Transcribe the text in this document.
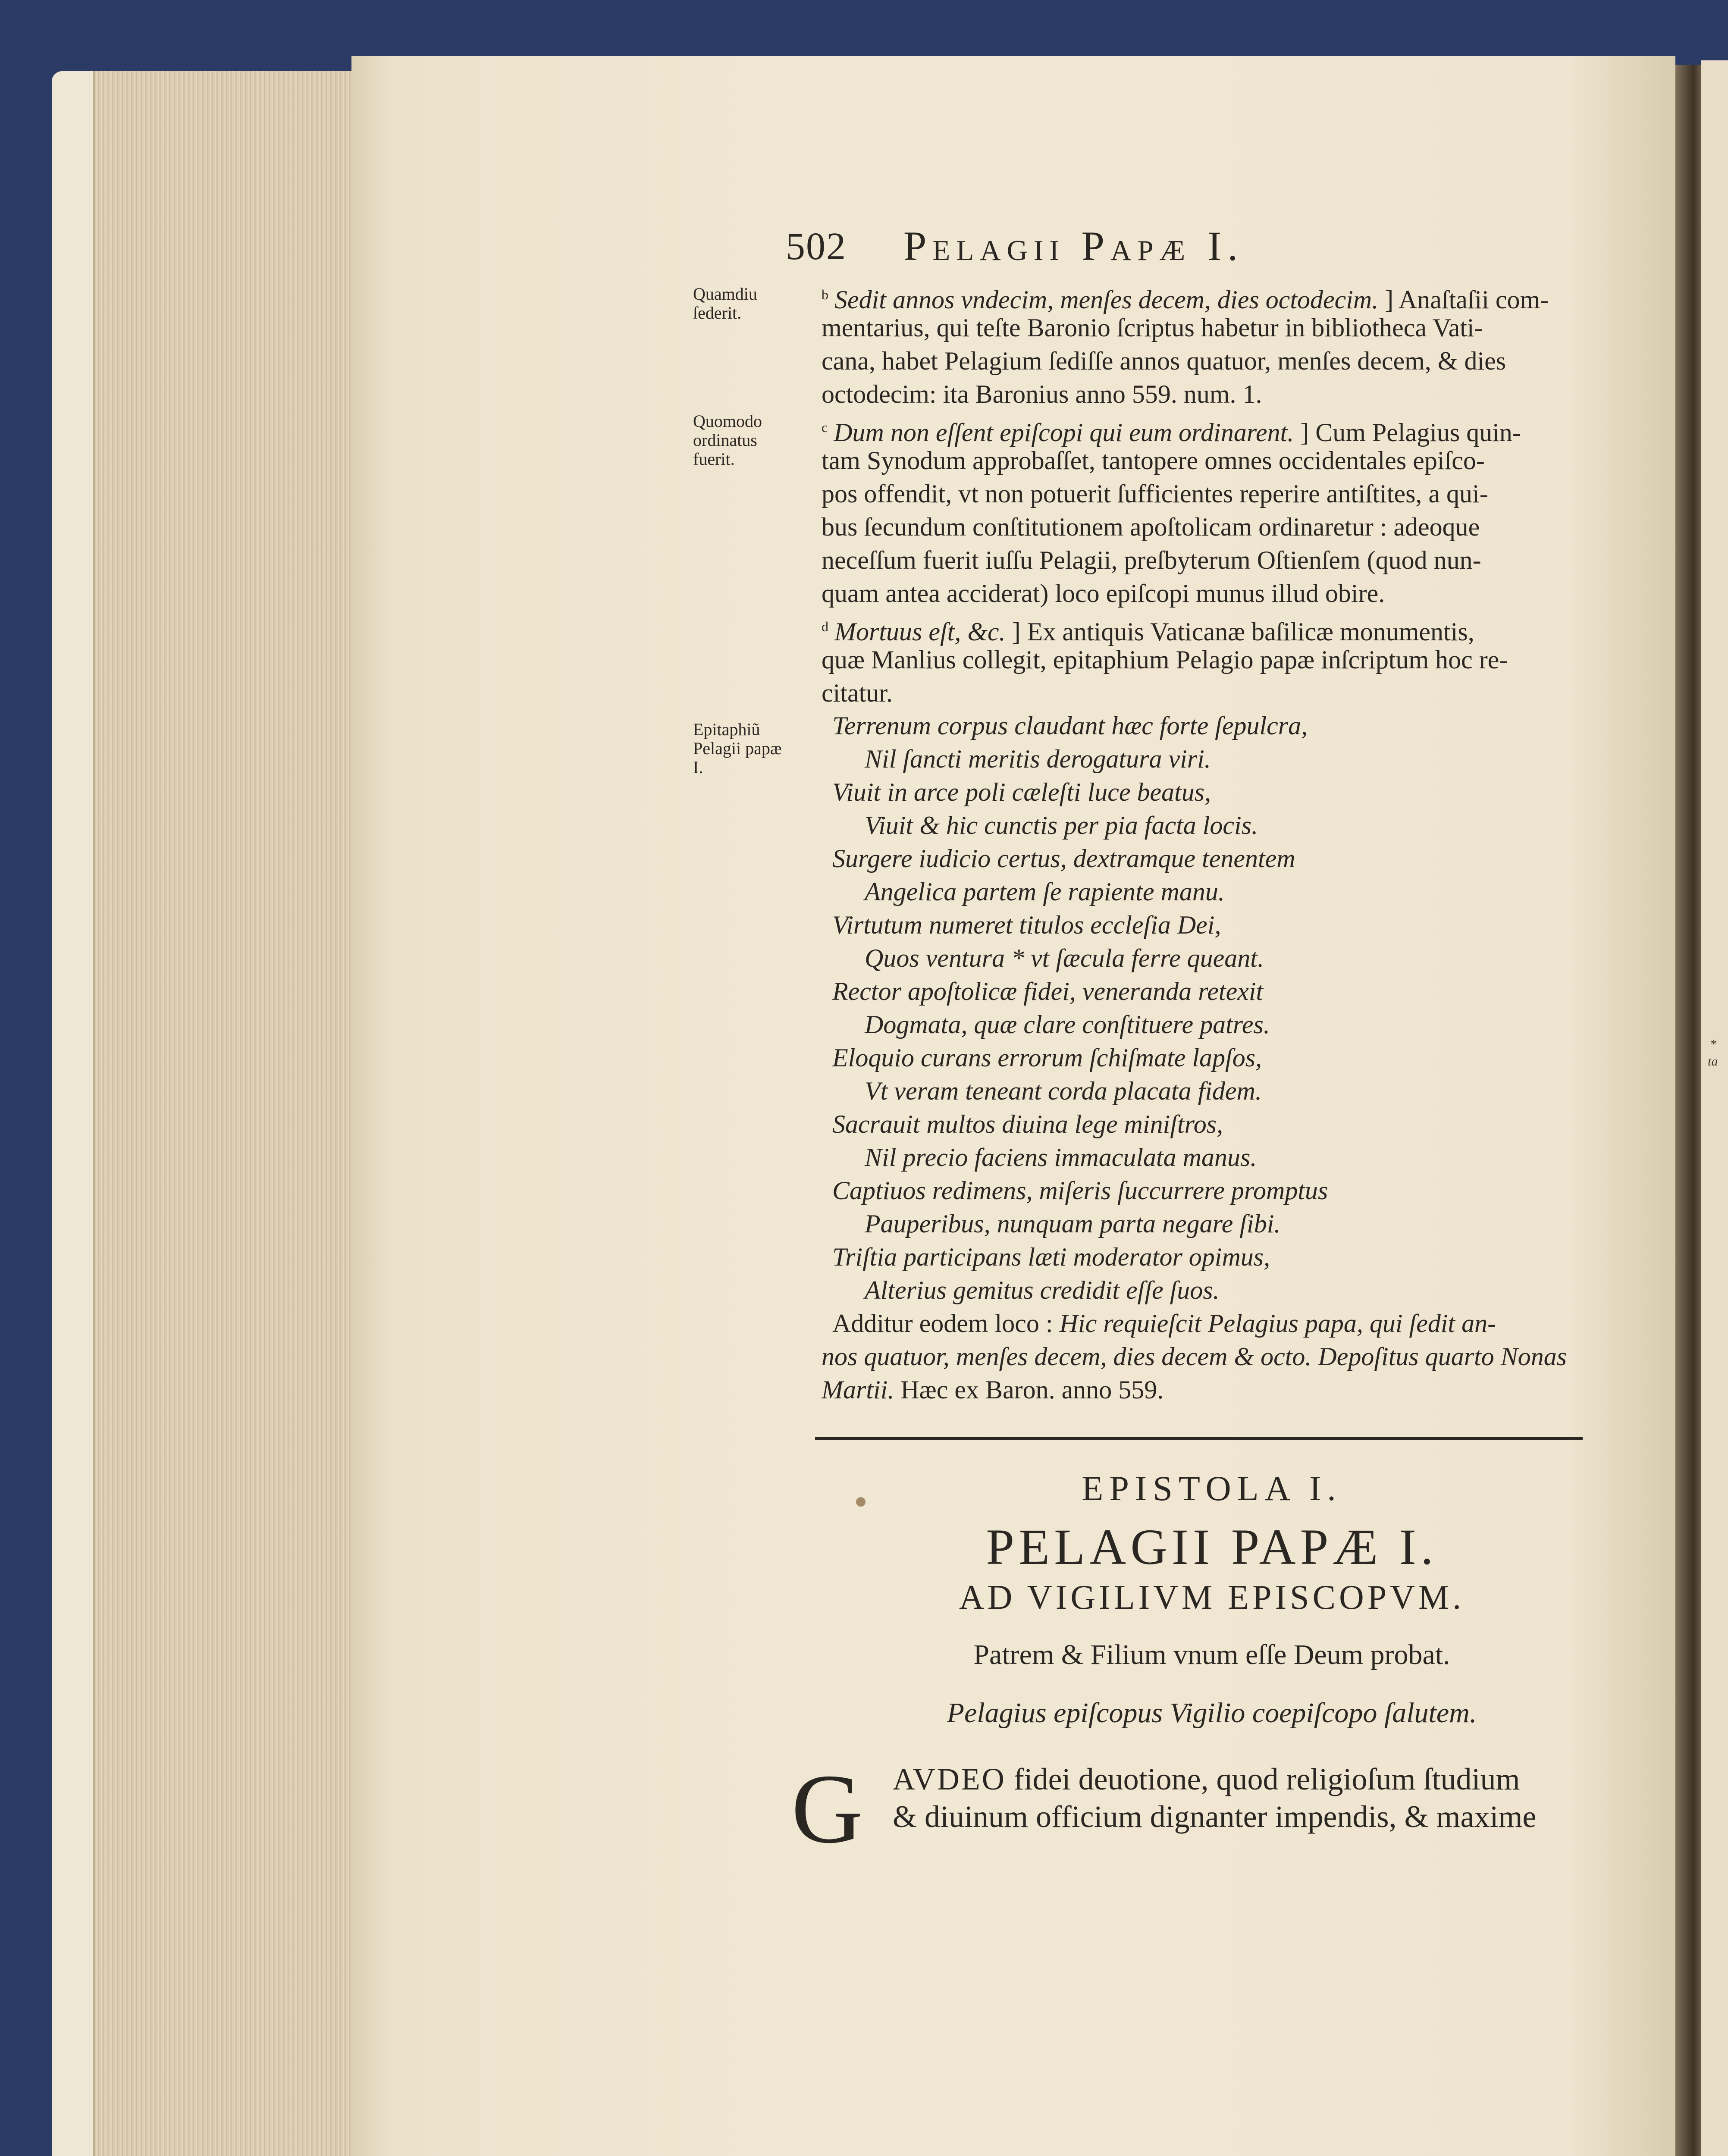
*
ta
502 Pelagii Papæ I.
Quamdiu ſederit.
Quomodo ordinatus fuerit.
Epitaphiũ Pelagii papæ I.
$^b$ Sedit annos vndecim, menſes decem, dies octodecim. ] Anaſtaſii com-
mentarius, qui teſte Baronio ſcriptus habetur in bibliotheca Vati-
cana, habet Pelagium ſediſſe annos quatuor, menſes decem, & dies
octodecim: ita Baronius anno 559. num. 1.
$^c$ Dum non eſſent epiſcopi qui eum ordinarent. ] Cum Pelagius quin-
tam Synodum approbaſſet, tantopere omnes occidentales epiſco-
pos offendit, vt non potuerit ſufficientes reperire antiſtites, a qui-
bus ſecundum conſtitutionem apoſtolicam ordinaretur : adeoque
neceſſum fuerit iuſſu Pelagii, preſbyterum Oſtienſem (quod nun-
quam antea acciderat) loco epiſcopi munus illud obire.
$^d$ Mortuus eſt, &c. ] Ex antiquis Vaticanæ baſilicæ monumentis,
quæ Manlius collegit, epitaphium Pelagio papæ inſcriptum hoc re-
citatur.
Terrenum corpus claudant hæc forte ſepulcra,
Nil ſancti meritis derogatura viri.
Viuit in arce poli cæleſti luce beatus,
Viuit & hic cunctis per pia facta locis.
Surgere iudicio certus, dextramque tenentem
Angelica partem ſe rapiente manu.
Virtutum numeret titulos eccleſia Dei,
Quos ventura * vt ſæcula ferre queant.
Rector apoſtolicæ fidei, veneranda retexit
Dogmata, quæ clare conſtituere patres.
Eloquio curans errorum ſchiſmate lapſos,
Vt veram teneant corda placata fidem.
Sacrauit multos diuina lege miniſtros,
Nil precio faciens immaculata manus.
Captiuos redimens, miſeris ſuccurrere promptus
Pauperibus, nunquam parta negare ſibi.
Triſtia participans læti moderator opimus,
Alterius gemitus credidit eſſe ſuos.
Additur eodem loco : Hic requieſcit Pelagius papa, qui ſedit an-
nos quatuor, menſes decem, dies decem & octo. Depoſitus quarto Nonas
Martii. Hæc ex Baron. anno 559.
EPISTOLA I.
PELAGII PAPÆ I.
AD VIGILIVM EPISCOPVM.
Patrem & Filium vnum eſſe Deum probat.
Pelagius epiſcopus Vigilio coepiſcopo ſalutem.
G AVDEO fidei deuotione, quod religioſum ſtudium
& diuinum officium dignanter impendis, & maxime
